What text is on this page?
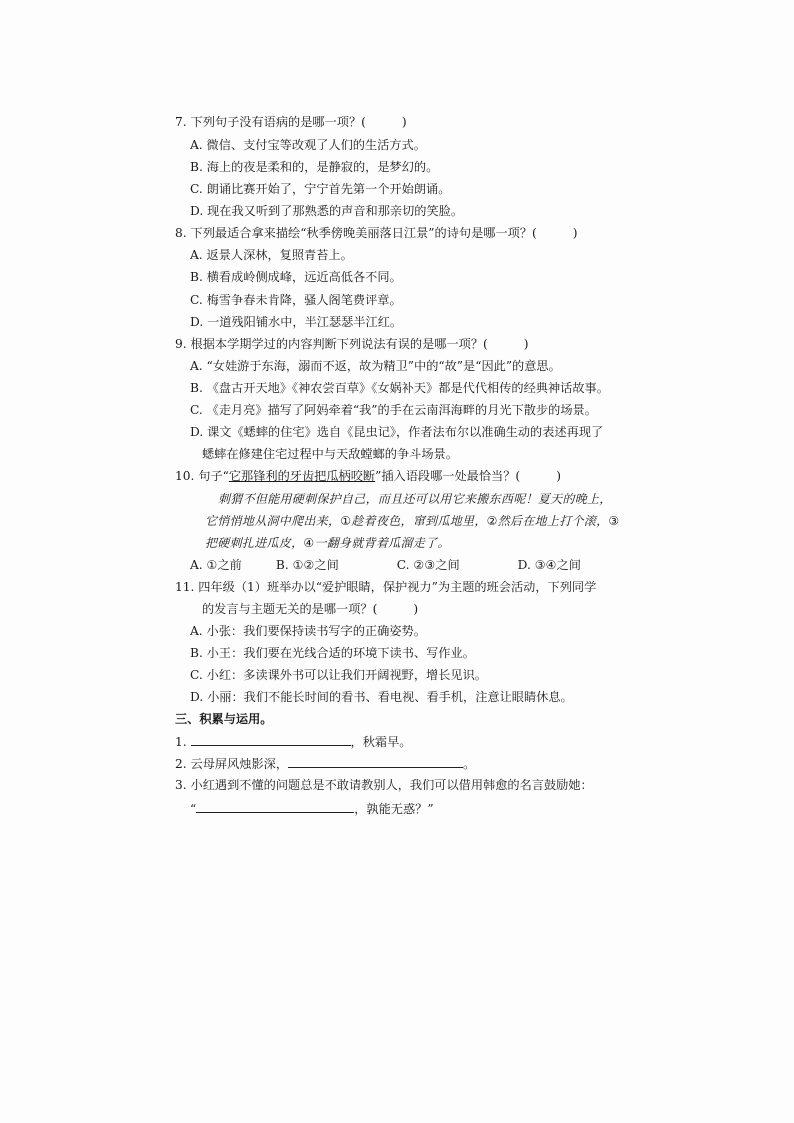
7. 下列句子没有语病的是哪一项？(	)
A. 微信、支付宝等改观了人们的生活方式。
B. 海上的夜是柔和的，是静寂的，是梦幻的。
C. 朗诵比赛开始了，宁宁首先第一个开始朗诵。
D. 现在我又听到了那熟悉的声音和那亲切的笑脸。
8. 下列最适合拿来描绘“秋季傍晚美丽落日江景”的诗句是哪一项？(	)
A. 返景人深林，复照青苔上。
B. 横看成岭侧成峰，远近高低各不同。
C. 梅雪争春未肯降，骚人阁笔费评章。
D. 一道残阳铺水中，半江瑟瑟半江红。
9. 根据本学期学过的内容判断下列说法有误的是哪一项？(	)
A. “女娃游于东海，溺而不返，故为精卫”中的“故”是“因此”的意思。
B. 《盘古开天地》《神农尝百草》《女娲补天》都是代代相传的经典神话故事。
C. 《走月亮》描写了阿妈牵着“我”的手在云南洱海畔的月光下散步的场景。
D. 课文《蟋蟀的住宅》选自《昆虫记》，作者法布尔以准确生动的表述再现了
蟋蟀在修建住宅过程中与天敌螳螂的争斗场景。
10. 句子“它那锋利的牙齿把瓜柄咬断”插入语段哪一处最恰当？(	)
刺猬不但能用硬刺保护自己，而且还可以用它来搬东西呢！夏天的晚上，
它悄悄地从洞中爬出来，①趁着夜色，窜到瓜地里，②然后在地上打个滚，③
把硬刺扎进瓜皮，④一翻身就背着瓜溜走了。
A. ①之前	B. ①②之间	C. ②③之间	D. ③④之间
11. 四年级（1）班举办以“爱护眼睛，保护视力”为主题的班会活动，下列同学
的发言与主题无关的是哪一项？(	)
A. 小张：我们要保持读书写字的正确姿势。
B. 小王：我们要在光线合适的环境下读书、写作业。
C. 小红：多读课外书可以让我们开阔视野，增长见识。
D. 小丽：我们不能长时间的看书、看电视、看手机，注意让眼睛休息。
三、积累与运用。
1.	，秋霜早。
2. 云母屏风烛影深，	。
3. 小红遇到不懂的问题总是不敢请教别人，我们可以借用韩愈的名言鼓励她：
“	，孰能无惑？”
